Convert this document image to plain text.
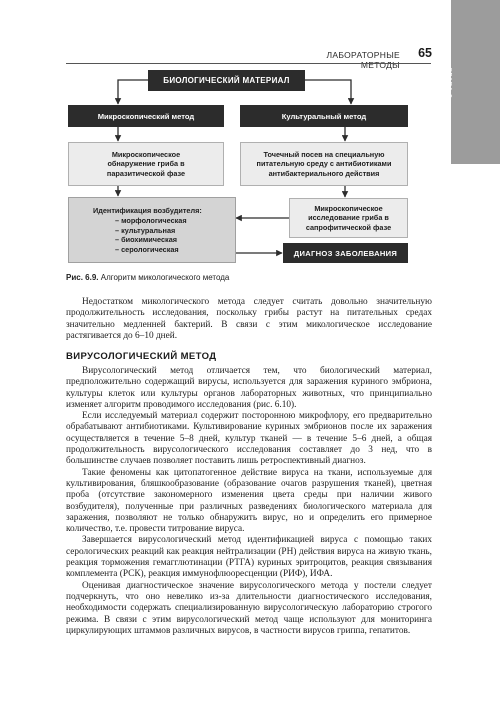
ГЛАВА 6
ЛАБОРАТОРНЫЕ МЕТОДЫ
65
БИОЛОГИЧЕСКИЙ МАТЕРИАЛ
Микроскопический метод	Культуральный метод
Микроскопическое обнаружение гриба в паразитической фазе
Точечный посев на специальную питательную среду с антибиотиками антибактериального действия
Идентификация возбудителя:
– морфологическая
– культуральная
– биохимическая
– серологическая
Микроскопическое исследование гриба в сапрофитической фазе
ДИАГНОЗ ЗАБОЛЕВАНИЯ
Рис. 6.9. Алгоритм микологического метода

Недостатком микологического метода следует считать довольно значительную продолжительность исследования, поскольку грибы растут на питательных средах значительно медленней бактерий. В связи с этим микологическое исследование растягивается до 6–10 дней.

ВИРУСОЛОГИЧЕСКИЙ МЕТОД

Вирусологический метод отличается тем, что биологический материал, предположительно содержащий вирусы, используется для заражения куриного эмбриона, культуры клеток или культуры органов лабораторных животных, что принципиально изменяет алгоритм проводимого исследования (рис. 6.10).

Если исследуемый материал содержит посторонною микрофлору, его предварительно обрабатывают антибиотиками. Культивирование куриных эмбрионов после их заражения осуществляется в течение 5–8 дней, культур тканей — в течение 5–6 дней, а общая продолжительность вирусологического исследования составляет до 3 нед, что в большинстве случаев позволяет поставить лишь ретроспективный диагноз.

Такие феномены как цитопатогенное действие вируса на ткани, используемые для культивирования, бляшкообразование (образование очагов разрушения тканей), цветная проба (отсутствие закономерного изменения цвета среды при наличии живого возбудителя), полученные при различных разведениях биологического материала для заражения, позволяют не только обнаружить вирус, но и определить его примерное количество, т.е. провести титрование вируса.

Завершается вирусологический метод идентификацией вируса с помощью таких серологических реакций как реакция нейтрализации (РН) действия вируса на живую ткань, реакция торможения гемагглютинации (РТГА) куриных эритроцитов, реакция связывания комплемента (РСК), реакция иммунофлюоресценции (РИФ), ИФА.

Оценивая диагностическое значение вирусологического метода у постели следует подчеркнуть, что оно невелико из-за длительности диагностического исследования, необходимости содержать специализированную вирусологическую лабораторию строгого режима. В связи с этим вирусологический метод чаще используют для мониторинга циркулирующих штаммов различных вирусов, в частности вирусов гриппа, гепатитов.
